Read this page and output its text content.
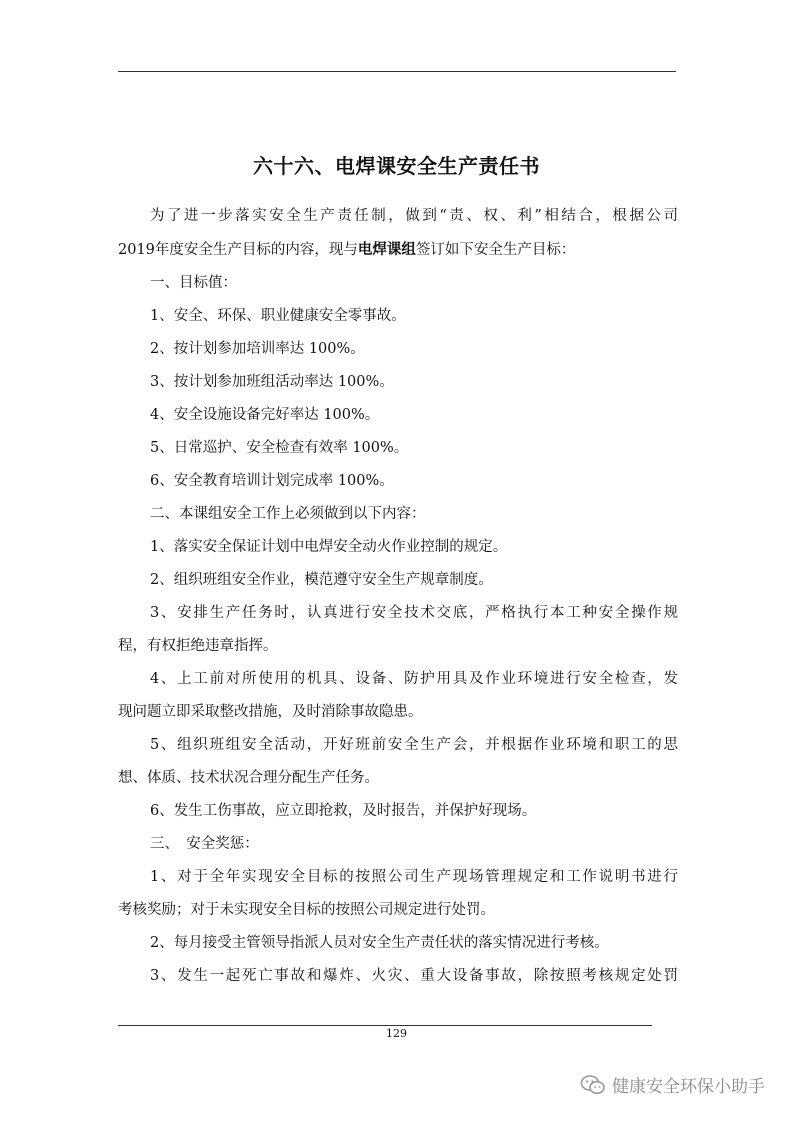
六十六、电焊课安全生产责任书

为了进一步落实安全生产责任制，做到“责、权、利”相结合，根据公司

2019年度安全生产目标的内容，现与电焊课组签订如下安全生产目标：

一、目标值：

1、安全、环保、职业健康安全零事故。

2、按计划参加培训率达 100%。

3、按计划参加班组活动率达 100%。

4、安全设施设备完好率达 100%。

5、日常巡护、安全检查有效率 100%。

6、安全教育培训计划完成率 100%。

二、本课组安全工作上必须做到以下内容：

1、落实安全保证计划中电焊安全动火作业控制的规定。

2、组织班组安全作业，模范遵守安全生产规章制度。

3、安排生产任务时，认真进行安全技术交底，严格执行本工种安全操作规

程，有权拒绝违章指挥。

4、上工前对所使用的机具、设备、防护用具及作业环境进行安全检查，发

现问题立即采取整改措施，及时消除事故隐患。

5、组织班组安全活动，开好班前安全生产会，并根据作业环境和职工的思

想、体质、技术状况合理分配生产任务。

6、发生工伤事故，应立即抢救，及时报告，并保护好现场。

三、　安全奖惩：

1、对于全年实现安全目标的按照公司生产现场管理规定和工作说明书进行

考核奖励；对于未实现安全目标的按照公司规定进行处罚。

2、每月接受主管领导指派人员对安全生产责任状的落实情况进行考核。

3、发生一起死亡事故和爆炸、火灾、重大设备事故，除按照考核规定处罚

129
健康安全环保小助手
